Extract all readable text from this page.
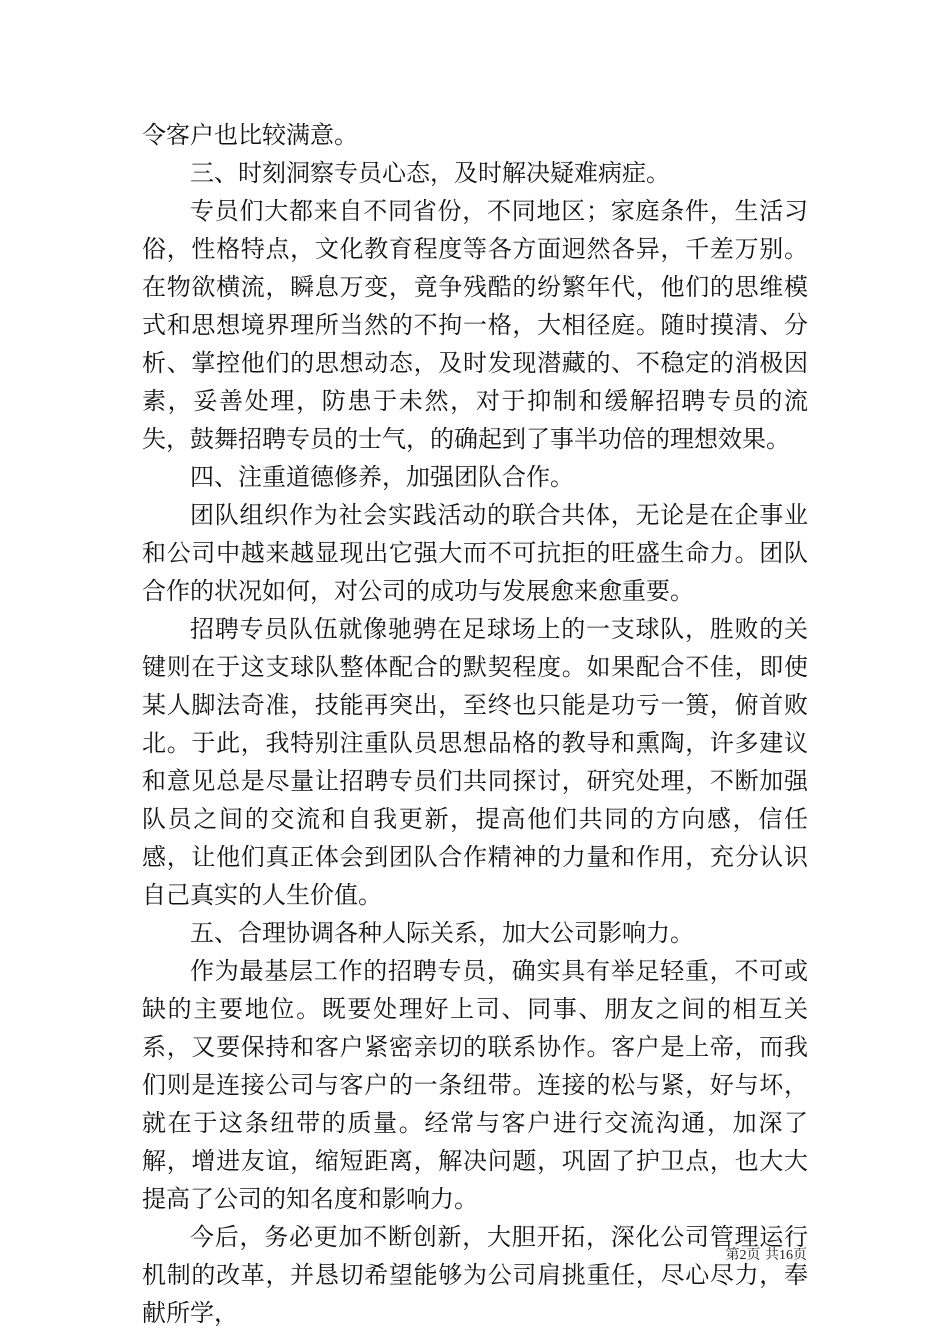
令客户也比较满意。

三、时刻洞察专员心态，及时解决疑难病症。

专员们大都来自不同省份，不同地区；家庭条件，生活习俗，性格特点，文化教育程度等各方面迥然各异，千差万别。在物欲横流，瞬息万变，竟争残酷的纷繁年代，他们的思维模式和思想境界理所当然的不拘一格，大相径庭。随时摸清、分析、掌控他们的思想动态，及时发现潜藏的、不稳定的消极因素，妥善处理，防患于未然，对于抑制和缓解招聘专员的流失，鼓舞招聘专员的士气，的确起到了事半功倍的理想效果。

四、注重道德修养，加强团队合作。

团队组织作为社会实践活动的联合共体，无论是在企事业和公司中越来越显现出它强大而不可抗拒的旺盛生命力。团队合作的状况如何，对公司的成功与发展愈来愈重要。

招聘专员队伍就像驰骋在足球场上的一支球队，胜败的关键则在于这支球队整体配合的默契程度。如果配合不佳，即使某人脚法奇准，技能再突出，至终也只能是功亏一篑，俯首败北。于此，我特别注重队员思想品格的教导和熏陶，许多建议和意见总是尽量让招聘专员们共同探讨，研究处理，不断加强队员之间的交流和自我更新，提高他们共同的方向感，信任感，让他们真正体会到团队合作精神的力量和作用，充分认识自己真实的人生价值。

五、合理协调各种人际关系，加大公司影响力。

作为最基层工作的招聘专员，确实具有举足轻重，不可或缺的主要地位。既要处理好上司、同事、朋友之间的相互关系，又要保持和客户紧密亲切的联系协作。客户是上帝，而我们则是连接公司与客户的一条纽带。连接的松与紧，好与坏，就在于这条纽带的质量。经常与客户进行交流沟通，加深了解，增进友谊，缩短距离，解决问题，巩固了护卫点，也大大提高了公司的知名度和影响力。

今后，务必更加不断创新，大胆开拓，深化公司管理运行机制的改革，并恳切希望能够为公司肩挑重任，尽心尽力，奉献所学，

第2页 共16页
